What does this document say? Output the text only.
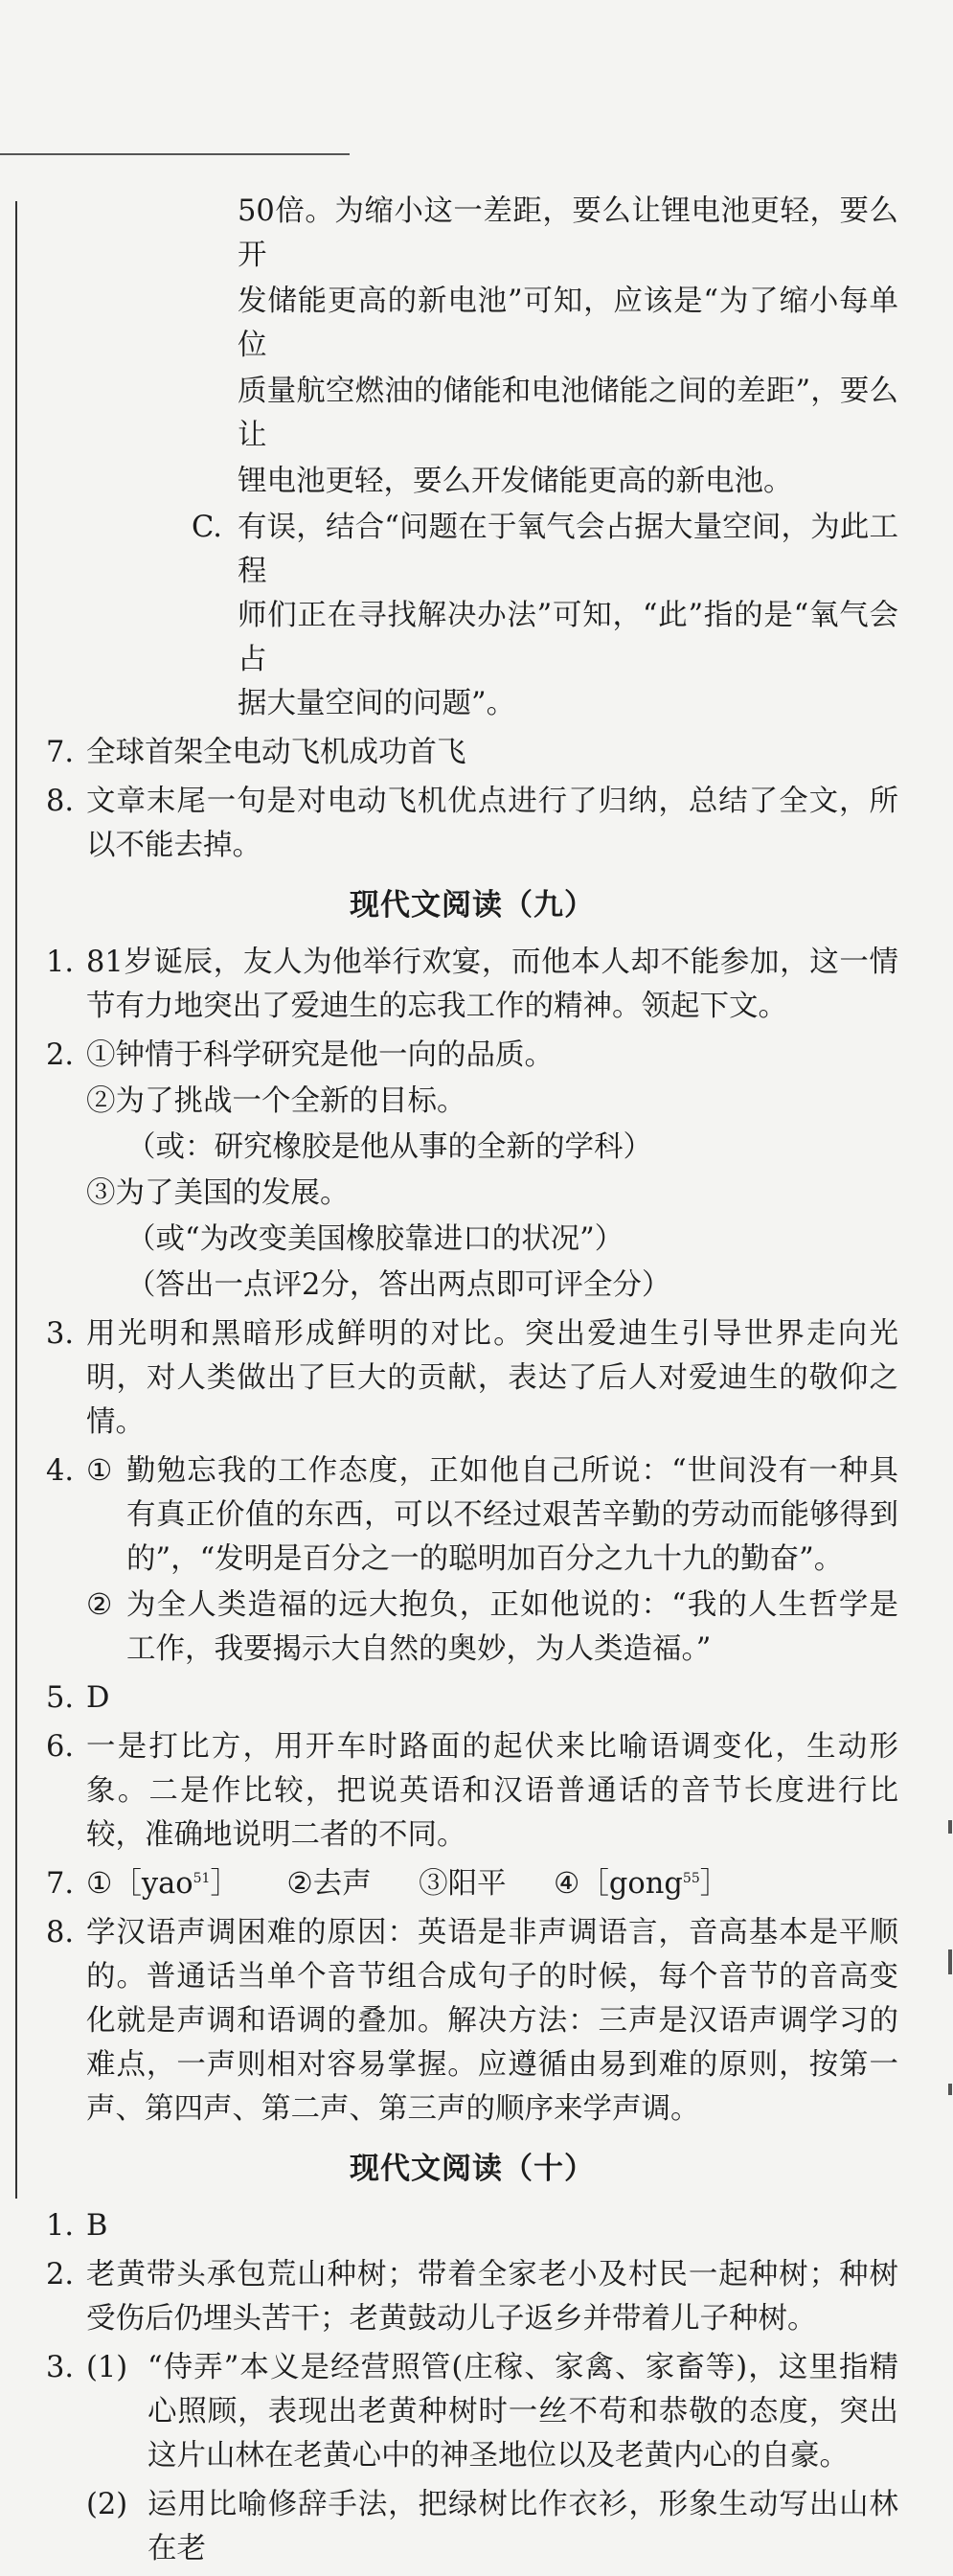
50倍。为缩小这一差距，要么让锂电池更轻，要么开
发储能更高的新电池”可知，应该是“为了缩小每单位
质量航空燃油的储能和电池储能之间的差距”，要么让
锂电池更轻，要么开发储能更高的新电池。
C. 有误，结合“问题在于氧气会占据大量空间，为此工程
师们正在寻找解决办法”可知，“此”指的是“氧气会占
据大量空间的问题”。
7. 全球首架全电动飞机成功首飞
8. 文章末尾一句是对电动飞机优点进行了归纳，总结了全文，所以不能去掉。
现代文阅读（九）
1. 81岁诞辰，友人为他举行欢宴，而他本人却不能参加，这一情节有力地突出了爱迪生的忘我工作的精神。领起下文。
2. ①钟情于科学研究是他一向的品质。
②为了挑战一个全新的目标。
（或：研究橡胶是他从事的全新的学科）
③为了美国的发展。
（或“为改变美国橡胶靠进口的状况”）
（答出一点评2分，答出两点即可评全分）
3. 用光明和黑暗形成鲜明的对比。突出爱迪生引导世界走向光明，对人类做出了巨大的贡献，表达了后人对爱迪生的敬仰之情。
4. ① 勤勉忘我的工作态度，正如他自己所说：“世间没有一种具有真正价值的东西，可以不经过艰苦辛勤的劳动而能够得到的”，“发明是百分之一的聪明加百分之九十九的勤奋”。
② 为全人类造福的远大抱负，正如他说的：“我的人生哲学是工作，我要揭示大自然的奥妙，为人类造福。”
5. D
6. 一是打比方，用开车时路面的起伏来比喻语调变化，生动形象。二是作比较，把说英语和汉语普通话的音节长度进行比较，准确地说明二者的不同。
7. ①［yao$^{51}$］ ②去声 ③阳平 ④［gong$^{55}$］
8. 学汉语声调困难的原因：英语是非声调语言，音高基本是平顺的。普通话当单个音节组合成句子的时候，每个音节的音高变化就是声调和语调的叠加。解决方法：三声是汉语声调学习的难点，一声则相对容易掌握。应遵循由易到难的原则，按第一声、第四声、第二声、第三声的顺序来学声调。
现代文阅读（十）
1. B
2. 老黄带头承包荒山种树；带着全家老小及村民一起种树；种树受伤后仍埋头苦干；老黄鼓动儿子返乡并带着儿子种树。
3. (1) “侍弄”本义是经营照管(庄稼、家禽、家畜等)，这里指精心照顾，表现出老黄种树时一丝不苟和恭敬的态度，突出这片山林在老黄心中的神圣地位以及老黄内心的自豪。
(2) 运用比喻修辞手法，把绿树比作衣衫，形象生动写出山林在老
